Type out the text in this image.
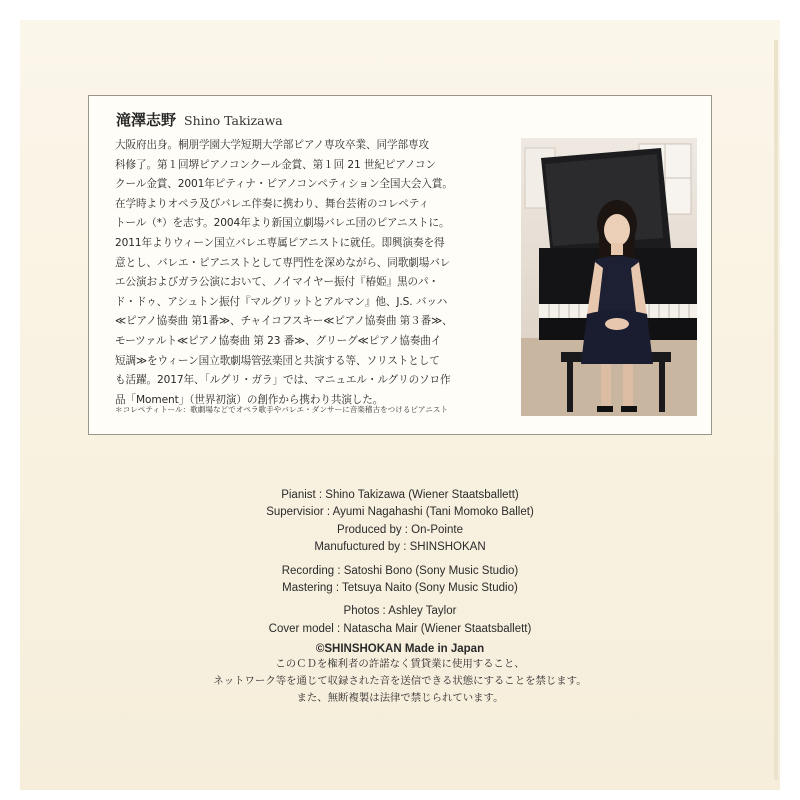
滝澤志野 Shino Takizawa
大阪府出身。桐朋学園大学短期大学部ピアノ専攻卒業、同学部専攻
科修了。第１回堺ピアノコンクール金賞、第１回 21 世紀ピアノコン
クール金賞、2001年ピティナ・ピアノコンペティション全国大会入賞。
在学時よりオペラ及びバレエ伴奏に携わり、舞台芸術のコレペティ
トール（*）を志す。2004年より新国立劇場バレエ団のピアニストに。
2011年よりウィーン国立バレエ専属ピアニストに就任。即興演奏を得
意とし、バレエ・ピアニストとして専門性を深めながら、同歌劇場バレ
エ公演およびガラ公演において、ノイマイヤー振付『椿姫』黒のパ・
ド・ドゥ、アシュトン振付『マルグリットとアルマン』他、J.S. バッハ
≪ピアノ協奏曲 第1番≫、チャイコフスキー≪ピアノ協奏曲 第３番≫、
モーツァルト≪ピアノ協奏曲 第 23 番≫、グリーグ≪ピアノ協奏曲イ
短調≫をウィーン国立歌劇場管弦楽団と共演する等、ソリストとして
も活躍。2017年、「ルグリ・ガラ」では、マニュエル・ルグリのソロ作
品「Moment」（世界初演）の創作から携わり共演した。
＊コレペティトール：歌劇場などでオペラ歌手やバレエ・ダンサーに音楽稽古をつけるピアニスト
Pianist : Shino Takizawa (Wiener Staatsballett)
Supervisior : Ayumi Nagahashi (Tani Momoko Ballet)
Produced by : On-Pointe
Manufuctured by : SHINSHOKAN
Recording : Satoshi Bono (Sony Music Studio)
Mastering : Tetsuya Naito (Sony Music Studio)
Photos : Ashley Taylor
Cover model : Natascha Mair (Wiener Staatsballett)
©SHINSHOKAN Made in Japan
このＣＤを権利者の許諾なく賃貸業に使用すること、
ネットワーク等を通じて収録された音を送信できる状態にすることを禁じます。
また、無断複製は法律で禁じられています。
